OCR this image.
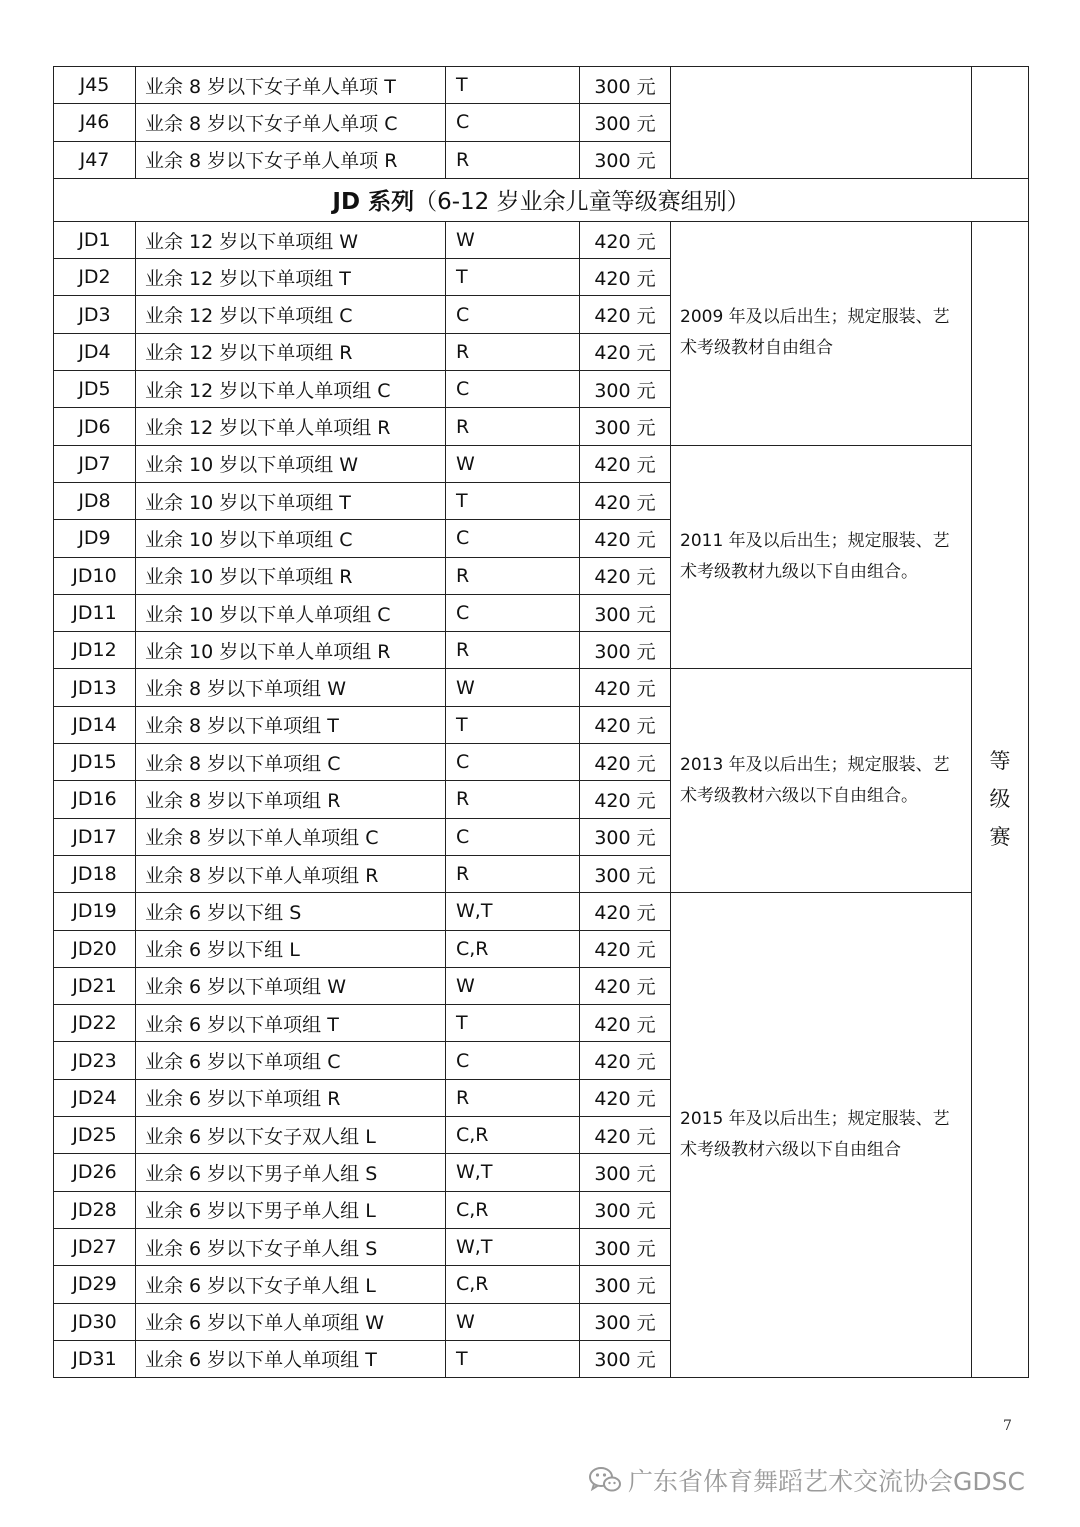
J45	业余 8 岁以下女子单人单项 T	T	300 元		
J46	业余 8 岁以下女子单人单项 C	C	300 元		
J47	业余 8 岁以下女子单人单项 R	R	300 元		
JD 系列（6-12 岁业余儿童等级赛组别）					
JD1	业余 12 岁以下单项组 W	W	420 元	2009 年及以后出生；规定服装、艺术考级教材自由组合	等级赛

JD2	业余 12 岁以下单项组 T	T	420 元		
JD3	业余 12 岁以下单项组 C	C	420 元		
JD4	业余 12 岁以下单项组 R	R	420 元		
JD5	业余 12 岁以下单人单项组 C	C	300 元		
JD6	业余 12 岁以下单人单项组 R	R	300 元		
JD7	业余 10 岁以下单项组 W	W	420 元	2011 年及以后出生；规定服装、艺术考级教材九级以下自由组合。	
JD8	业余 10 岁以下单项组 T	T	420 元		
JD9	业余 10 岁以下单项组 C	C	420 元		
JD10	业余 10 岁以下单项组 R	R	420 元		
JD11	业余 10 岁以下单人单项组 C	C	300 元		
JD12	业余 10 岁以下单人单项组 R	R	300 元		
JD13	业余 8 岁以下单项组 W	W	420 元	2013 年及以后出生；规定服装、艺术考级教材六级以下自由组合。	
JD14	业余 8 岁以下单项组 T	T	420 元		
JD15	业余 8 岁以下单项组 C	C	420 元		
JD16	业余 8 岁以下单项组 R	R	420 元		
JD17	业余 8 岁以下单人单项组 C	C	300 元		
JD18	业余 8 岁以下单人单项组 R	R	300 元		
JD19	业余 6 岁以下组 S	W,T	420 元	2015 年及以后出生；规定服装、艺术考级教材六级以下自由组合	
JD20	业余 6 岁以下组 L	C,R	420 元		
JD21	业余 6 岁以下单项组 W	W	420 元		
JD22	业余 6 岁以下单项组 T	T	420 元		
JD23	业余 6 岁以下单项组 C	C	420 元		
JD24	业余 6 岁以下单项组 R	R	420 元		
JD25	业余 6 岁以下女子双人组 L	C,R	420 元		
JD26	业余 6 岁以下男子单人组 S	W,T	300 元		
JD28	业余 6 岁以下男子单人组 L	C,R	300 元		
JD27	业余 6 岁以下女子单人组 S	W,T	300 元		
JD29	业余 6 岁以下女子单人组 L	C,R	300 元		
JD30	业余 6 岁以下单人单项组 W	W	300 元		
JD31	业余 6 岁以下单人单项组 T	T	300 元		
7
广东省体育舞蹈艺术交流协会GDSC
